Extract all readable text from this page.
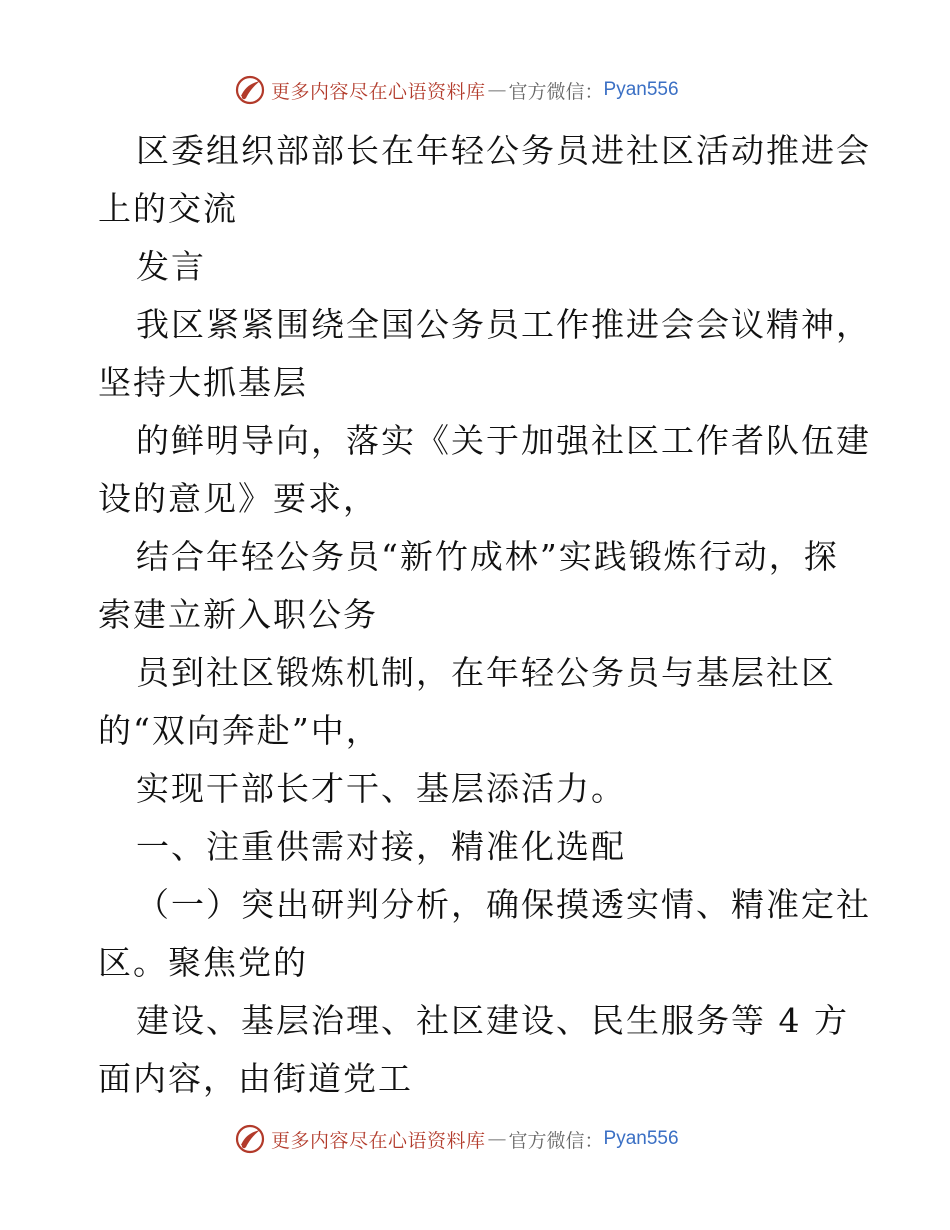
更多内容尽在心语资料库 — 官方微信： Pyan556
区委组织部部长在年轻公务员进社区活动推进会
上的交流
发言
我区紧紧围绕全国公务员工作推进会会议精神，
坚持大抓基层
的鲜明导向，落实《关于加强社区工作者队伍建
设的意见》要求，
结合年轻公务员“新竹成林”实践锻炼行动，探
索建立新入职公务
员到社区锻炼机制，在年轻公务员与基层社区
的“双向奔赴”中，
实现干部长才干、基层添活力。
一、注重供需对接，精准化选配
（一）突出研判分析，确保摸透实情、精准定社
区。聚焦党的
建设、基层治理、社区建设、民生服务等 4 方
面内容，由街道党工
更多内容尽在心语资料库 — 官方微信： Pyan556
